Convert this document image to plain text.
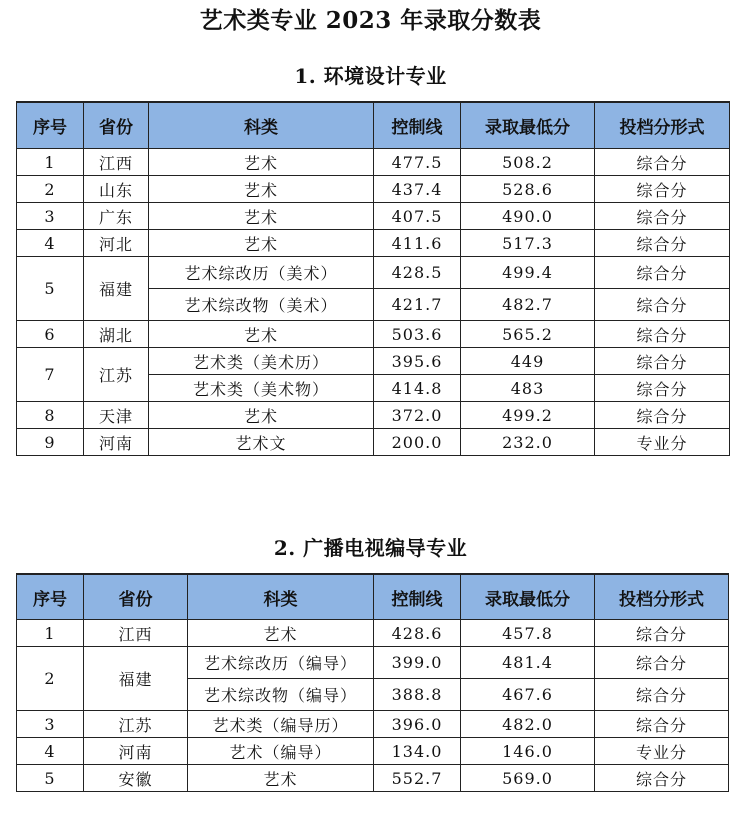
艺术类专业 2023 年录取分数表
1. 环境设计专业
序号	省份	科类	控制线	录取最低分	投档分形式
1	江西	艺术	477.5	508.2	综合分
2	山东	艺术	437.4	528.6	综合分
3	广东	艺术	407.5	490.0	综合分
4	河北	艺术	411.6	517.3	综合分
5	福建	艺术综改历（美术）	428.5	499.4	综合分
		艺术综改物（美术）	421.7	482.7	综合分
6	湖北	艺术	503.6	565.2	综合分
7	江苏	艺术类（美术历）	395.6	449	综合分
		艺术类（美术物）	414.8	483	综合分
8	天津	艺术	372.0	499.2	综合分
9	河南	艺术文	200.0	232.0	专业分
2. 广播电视编导专业
序号	省份	科类	控制线	录取最低分	投档分形式
1	江西	艺术	428.6	457.8	综合分
2	福建	艺术综改历（编导）	399.0	481.4	综合分
		艺术综改物（编导）	388.8	467.6	综合分
3	江苏	艺术类（编导历）	396.0	482.0	综合分
4	河南	艺术（编导）	134.0	146.0	专业分
5	安徽	艺术	552.7	569.0	综合分
